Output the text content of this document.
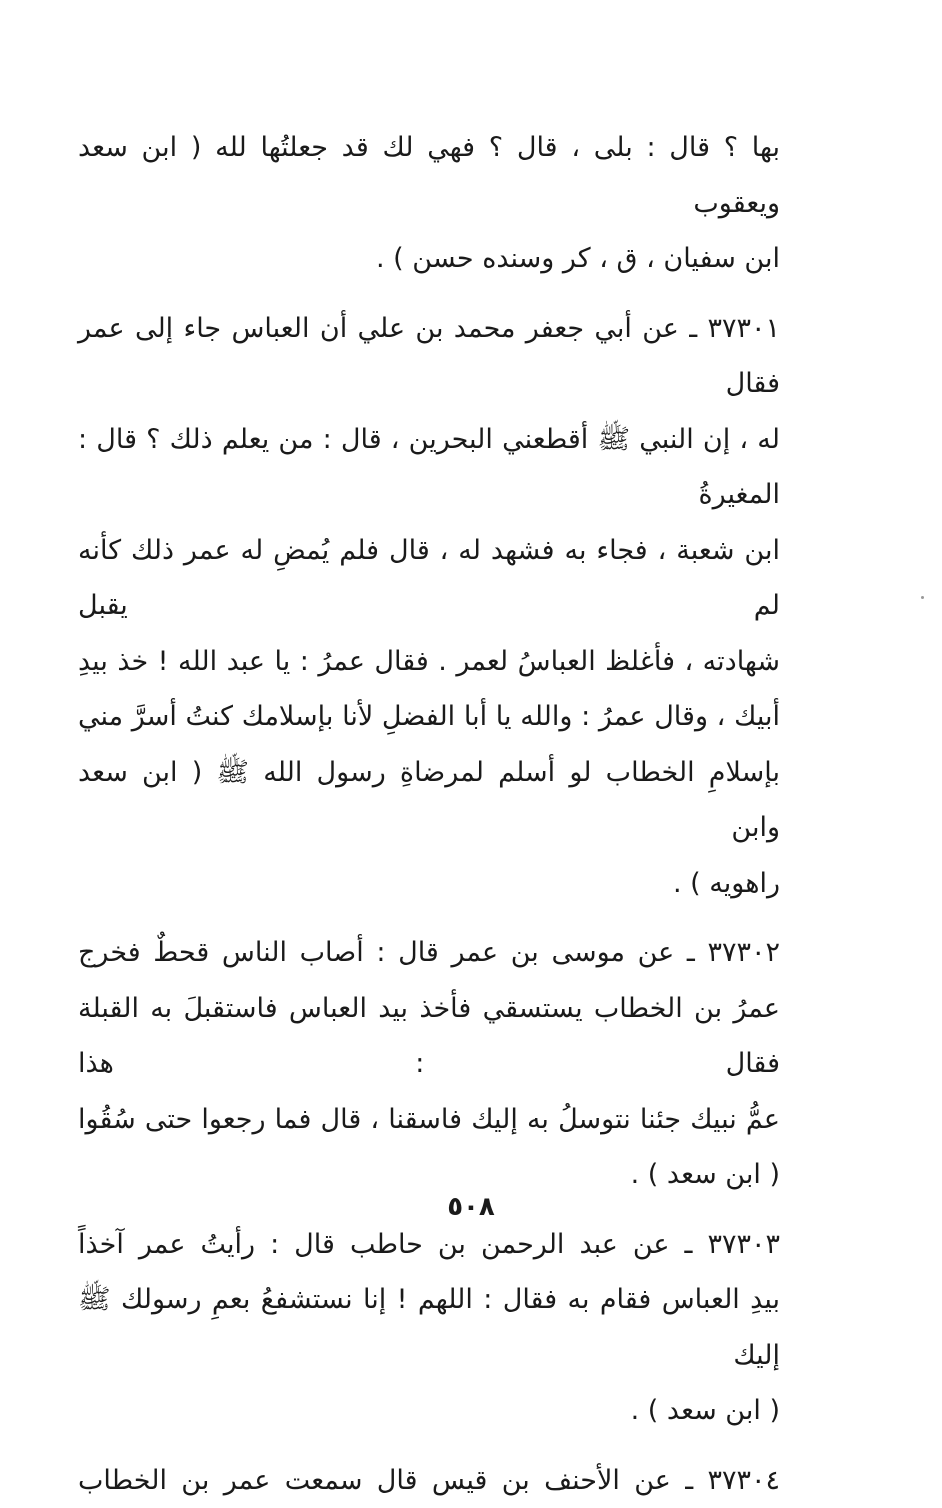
بها ؟ قال : بلى ، قال ؟ فهي لك قد جعلتُها لله ( ابن سعد ويعقوب
ابن سفيان ، ق ، كر وسنده حسن ) .
٣٧٣٠١ ـ عن أبي جعفر محمد بن علي أن العباس جاء إلى عمر فقال
له ، إن النبي ﷺ أقطعني البحرين ، قال : من يعلم ذلك ؟ قال : المغيرةُ
ابن شعبة ، فجاء به فشهد له ، قال فلم يُمضِ له عمر ذلك كأنه لم يقبل
شهادته ، فأغلظ العباسُ لعمر . فقال عمرُ : يا عبد الله ! خذ بيدِ
أبيك ، وقال عمرُ : والله يا أبا الفضلِ لأنا بإسلامك كنتُ أسرَّ مني
بإسلامِ الخطاب لو أسلم لمرضاةِ رسول الله ﷺ ( ابن سعد وابن
راهويه ) .
٣٧٣٠٢ ـ عن موسى بن عمر قال : أصاب الناس قحطٌ فخرج
عمرُ بن الخطاب يستسقي فأخذ بيد العباس فاستقبلَ به القبلة فقال : هذا
عمُّ نبيك جئنا نتوسلُ به إليك فاسقنا ، قال فما رجعوا حتى سُقُوا
( ابن سعد ) .
٣٧٣٠٣ ـ عن عبد الرحمن بن حاطب قال : رأيتُ عمر آخذاً
بيدِ العباس فقام به فقال : اللهم ! إنا نستشفعُ بعمِ رسولك ﷺ إليك
( ابن سعد ) .
٣٧٣٠٤ ـ عن الأحنف بن قيس قال سمعت عمر بن الخطاب
٥٠٨
